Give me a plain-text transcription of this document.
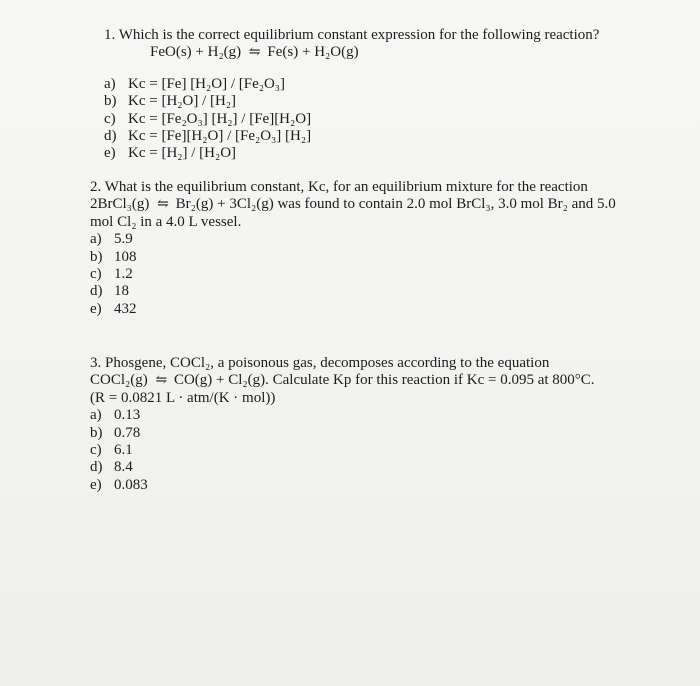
1. Which is the correct equilibrium constant expression for the following reaction?
FeO(s) + H₂(g) ⇋ Fe(s) + H₂O(g)
a) Kc = [Fe] [H₂O] / [Fe₂O₃]
b) Kc = [H₂O] / [H₂]
c) Kc = [Fe₂O₃] [H₂] / [Fe][H₂O]
d) Kc = [Fe][H₂O] / [Fe₂O₃] [H₂]
e) Kc = [H₂] / [H₂O]
2. What is the equilibrium constant, Kc, for an equilibrium mixture for the reaction
2BrCl₃(g) ⇋ Br₂(g) + 3Cl₂(g) was found to contain 2.0 mol BrCl₃, 3.0 mol Br₂ and 5.0
mol Cl₂ in a 4.0 L vessel.
a) 5.9
b) 108
c) 1.2
d) 18
e) 432
3. Phosgene, COCl₂, a poisonous gas, decomposes according to the equation
COCl₂(g) ⇋ CO(g) + Cl₂(g). Calculate Kp for this reaction if Kc = 0.095 at 800°C.
(R = 0.0821 L · atm/(K · mol))
a) 0.13
b) 0.78
c) 6.1
d) 8.4
e) 0.083
